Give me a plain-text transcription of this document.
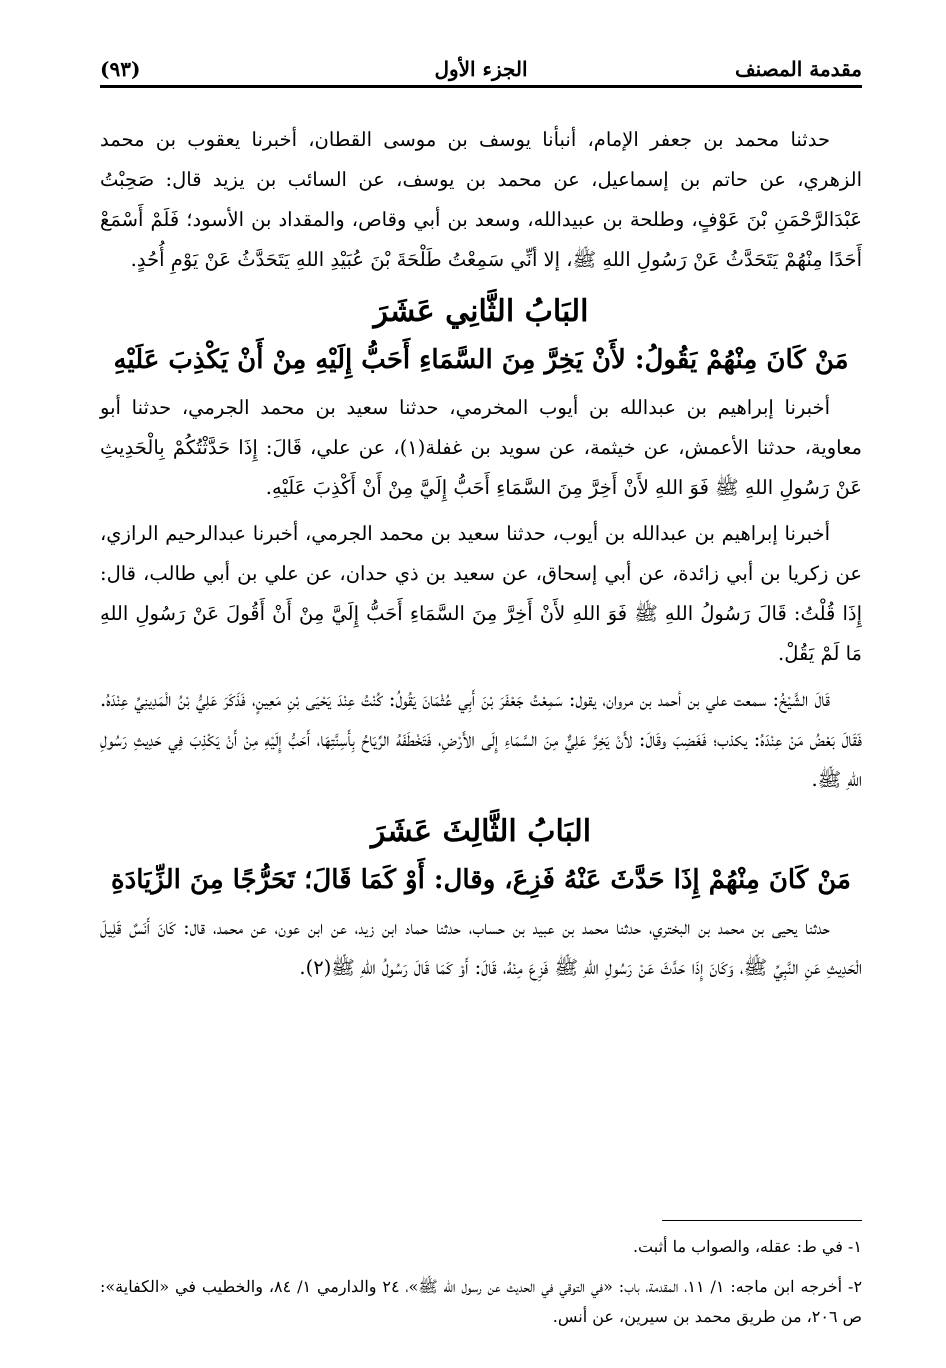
مقدمة المصنف
الجزء الأول
(٩٣)

حدثنا محمد بن جعفر الإمام، أنبأنا يوسف بن موسى القطان، أخبرنا يعقوب بن محمد الزهري، عن حاتم بن إسماعيل، عن محمد بن يوسف، عن السائب بن يزيد قال: صَحِبْتُ عَبْدَالرَّحْمَنِ بْنَ عَوْفٍ، وطلحة بن عبيدالله، وسعد بن أبي وقاص، والمقداد بن الأسود؛ فَلَمْ أَسْمَعْ أَحَدًا مِنْهُمْ يَتَحَدَّثُ عَنْ رَسُولِ اللهِ ﷺ، إلا أنِّي سَمِعْتُ طَلْحَةَ بْنَ عُبَيْدِ اللهِ يَتَحَدَّثُ عَنْ يَوْمِ أُحُدٍ.

البَابُ الثَّانِي عَشَرَ
مَنْ كَانَ مِنْهُمْ يَقُولُ: لأَنْ يَخِرَّ مِنَ السَّمَاءِ أَحَبُّ إِلَيْهِ مِنْ أَنْ يَكْذِبَ عَلَيْهِ

أخبرنا إبراهيم بن عبدالله بن أيوب المخرمي، حدثنا سعيد بن محمد الجرمي، حدثنا أبو معاوية، حدثنا الأعمش، عن خيثمة، عن سويد بن غفلة(١)، عن علي، قَالَ: إِذَا حَدَّثْتُكُمْ بِالْحَدِيثِ عَنْ رَسُولِ اللهِ ﷺ فَوَ اللهِ لأَنْ أَخِرَّ مِنَ السَّمَاءِ أَحَبُّ إِلَيَّ مِنْ أَنْ أَكْذِبَ عَلَيْهِ.

أخبرنا إبراهيم بن عبدالله بن أيوب، حدثنا سعيد بن محمد الجرمي، أخبرنا عبدالرحيم الرازي، عن زكريا بن أبي زائدة، عن أبي إسحاق، عن سعيد بن ذي حدان، عن علي بن أبي طالب، قال: إِذَا قُلْتُ: قَالَ رَسُولُ اللهِ ﷺ فَوَ اللهِ لأَنْ أَخِرَّ مِنَ السَّمَاءِ أَحَبُّ إِلَيَّ مِنْ أَنْ أَقُولَ عَنْ رَسُولِ اللهِ مَا لَمْ يَقُلْ.

قَالَ الشَّيْخُ: سمعت علي بن أحمد بن مروان، يقول: سَمِعْتُ جَعْفَرَ بْنَ أَبِي عُثْمَانَ يَقُولُ: كُنْتُ عِنْدَ يَحْيَى بْنِ مَعِينٍ، فَذَكَرَ عَلِيُّ بْنُ الْمَدِينِيِّ عِنْدَهُ. فَقَالَ بَعْضُ مَنْ عِنْدَهُ: يكذب؛ فَغَضِبَ وقَالَ: لأَنْ يَخِرَّ عَلِيٌّ مِنَ السَّمَاءِ إِلَى الأَرْضِ، فَتَخْطَفَهُ الرِّيَاحُ بِأَسِنَّتِهَا، أَحَبُّ إِلَيْهِ مِنْ أَنْ يَكْذِبَ فِي حَدِيثِ رَسُولِ اللهِ ﷺ.

البَابُ الثَّالِثَ عَشَرَ
مَنْ كَانَ مِنْهُمْ إِذَا حَدَّثَ عَنْهُ فَزِعَ، وقال: أَوْ كَمَا قَالَ؛ تَحَرُّجًا مِنَ الزِّيَادَةِ

حدثنا يحيى بن محمد بن البختري، حدثنا محمد بن عبيد بن حساب، حدثنا حماد ابن زيد، عن ابن عون، عن محمد، قال: كَانَ أَنَسٌ قَلِيلَ الْحَدِيثِ عَنِ النَّبِيِّ ﷺ، وَكَانَ إِذَا حَدَّثَ عَنْ رَسُولِ اللهِ ﷺ فَزِعَ مِنْهُ، قَالَ: أَوْ كَمَا قَالَ رَسُولُ اللهِ ﷺ(٢).

١- في ط: عقله، والصواب ما أثبت.

٢- أخرجه ابن ماجه: ١/ ١١، المقدمة، باب: «في التوقي في الحديث عن رسول الله ﷺ»، ٢٤ والدارمي ١/ ٨٤، والخطيب في «الكفاية»: ص ٢٠٦، من طريق محمد بن سيرين، عن أنس.
